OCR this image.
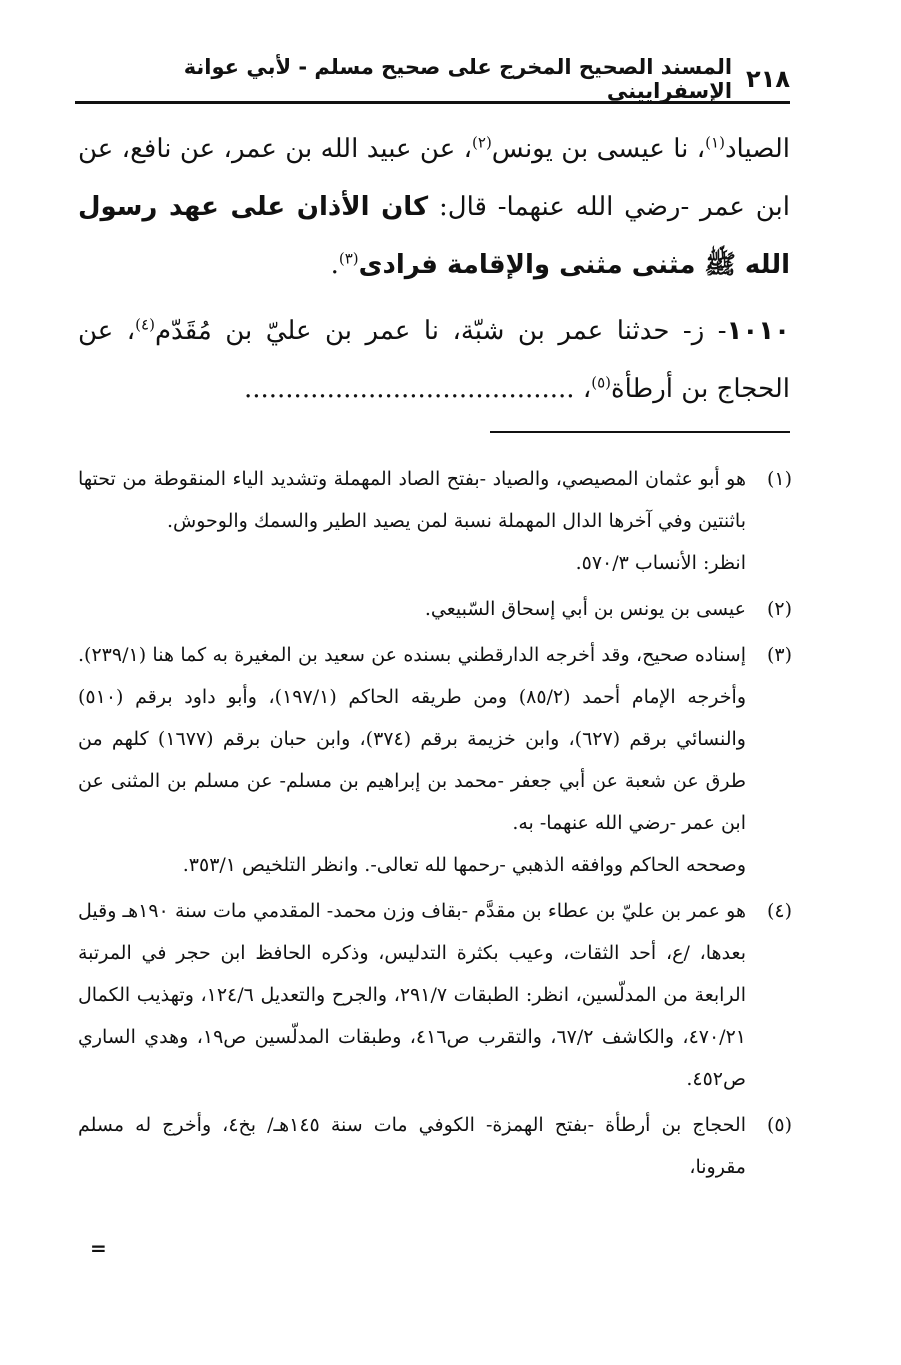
٢١٨
المسند الصحيح المخرج على صحيح مسلم - لأبي عوانة الإسفراييني

الصياد$^{(١)}$، نا عيسى بن يونس$^{(٢)}$، عن عبيد الله بن عمر، عن نافع، عن ابن عمر -رضي الله عنهما- قال: كان الأذان على عهد رسول الله ﷺ مثنى مثنى والإقامة فرادى$^{(٣)}$.

١٠١٠- ز- حدثنا عمر بن شبّة، نا عمر بن عليّ بن مُقَدّم$^{(٤)}$، عن الحجاج بن أرطأة$^{(٥)}$، ........................................

(١)

هو أبو عثمان المصيصي، والصياد -بفتح الصاد المهملة وتشديد الياء المنقوطة من تحتها باثنتين وفي آخرها الدال المهملة نسبة لمن يصيد الطير والسمك والوحوش.

انظر: الأنساب ٥٧٠/٣.

(٢)

عيسى بن يونس بن أبي إسحاق السّبيعي.

(٣)

إسناده صحيح، وقد أخرجه الدارقطني بسنده عن سعيد بن المغيرة به كما هنا (٢٣٩/١). وأخرجه الإمام أحمد (٨٥/٢) ومن طريقه الحاكم (١٩٧/١)، وأبو داود برقم (٥١٠) والنسائي برقم (٦٢٧)، وابن خزيمة برقم (٣٧٤)، وابن حبان برقم (١٦٧٧) كلهم من طرق عن شعبة عن أبي جعفر -محمد بن إبراهيم بن مسلم- عن مسلم بن المثنى عن ابن عمر -رضي الله عنهما- به.

وصححه الحاكم ووافقه الذهبي -رحمها لله تعالى-. وانظر التلخيص ٣٥٣/١.

(٤)

هو عمر بن عليّ بن عطاء بن مقدَّم -بقاف وزن محمد- المقدمي مات سنة ١٩٠هـ وقيل بعدها، /ع، أحد الثقات، وعيب بكثرة التدليس، وذكره الحافظ ابن حجر في المرتبة الرابعة من المدلّسين، انظر: الطبقات ٢٩١/٧، والجرح والتعديل ١٢٤/٦، وتهذيب الكمال ٤٧٠/٢١، والكاشف ٦٧/٢، والتقرب ص٤١٦، وطبقات المدلّسين ص١٩، وهدي الساري ص٤٥٢.

(٥)

الحجاج بن أرطأة -بفتح الهمزة- الكوفي مات سنة ١٤٥هـ/ بخ٤، وأخرج له مسلم مقرونا،

=
